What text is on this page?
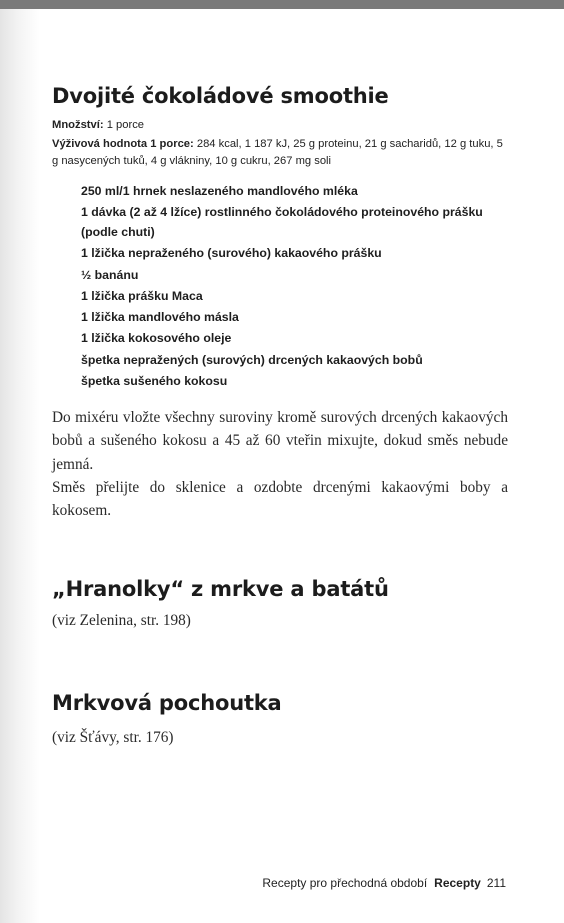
Dvojité čokoládové smoothie
Množství: 1 porce
Výživová hodnota 1 porce: 284 kcal, 1 187 kJ, 25 g proteinu, 21 g sacharidů, 12 g tuku, 5 g nasycených tuků, 4 g vlákniny, 10 g cukru, 267 mg soli
250 ml/1 hrnek neslazeného mandlového mléka
1 dávka (2 až 4 lžíce) rostlinného čokoládového proteinového prášku (podle chuti)
1 lžička nepraženého (surového) kakaového prášku
½ banánu
1 lžička prášku Maca
1 lžička mandlového másla
1 lžička kokosového oleje
špetka nepražených (surových) drcených kakaových bobů
špetka sušeného kokosu

Do mixéru vložte všechny suroviny kromě surových drcených kakaových bobů a sušeného kokosu a 45 až 60 vteřin mixujte, dokud směs nebude jemná.

Směs přelijte do sklenice a ozdobte drcenými kakaovými boby a kokosem.

„Hranolky“ z mrkve a batátů
(viz Zelenina, str. 198)
Mrkvová pochoutka
(viz Šťávy, str. 176)
Recepty pro přechodná období Recepty 211
